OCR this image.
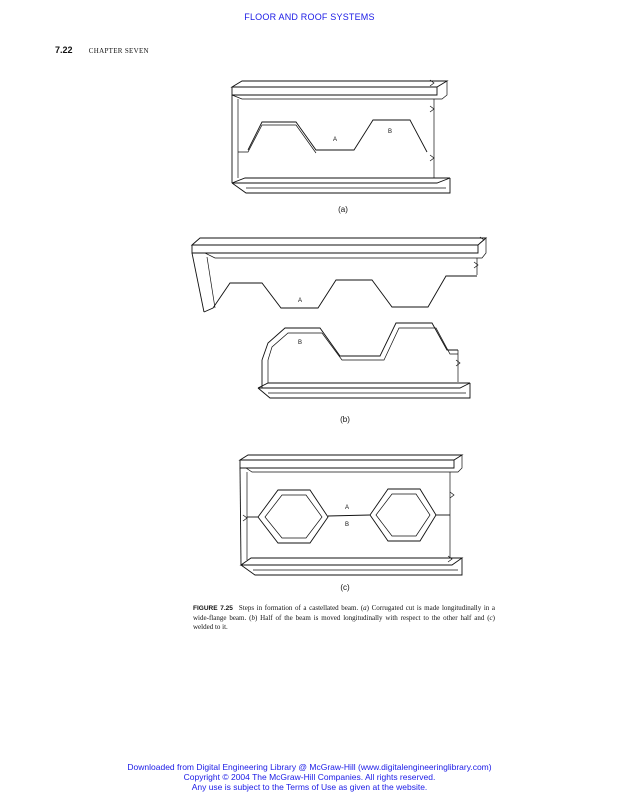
FLOOR AND ROOF SYSTEMS
7.22 CHAPTER SEVEN
A
B
(a)
A
B
(b)
A
B
(c)
FIGURE 7.25 Steps in formation of a castellated beam. (a) Corrugated cut is made longitudinally in a wide-flange beam. (b) Half of the beam is moved longitudinally with respect to the other half and (c) welded to it.
Downloaded from Digital Engineering Library @ McGraw-Hill (www.digitalengineeringlibrary.com)
Copyright © 2004 The McGraw-Hill Companies. All rights reserved.
Any use is subject to the Terms of Use as given at the website.
